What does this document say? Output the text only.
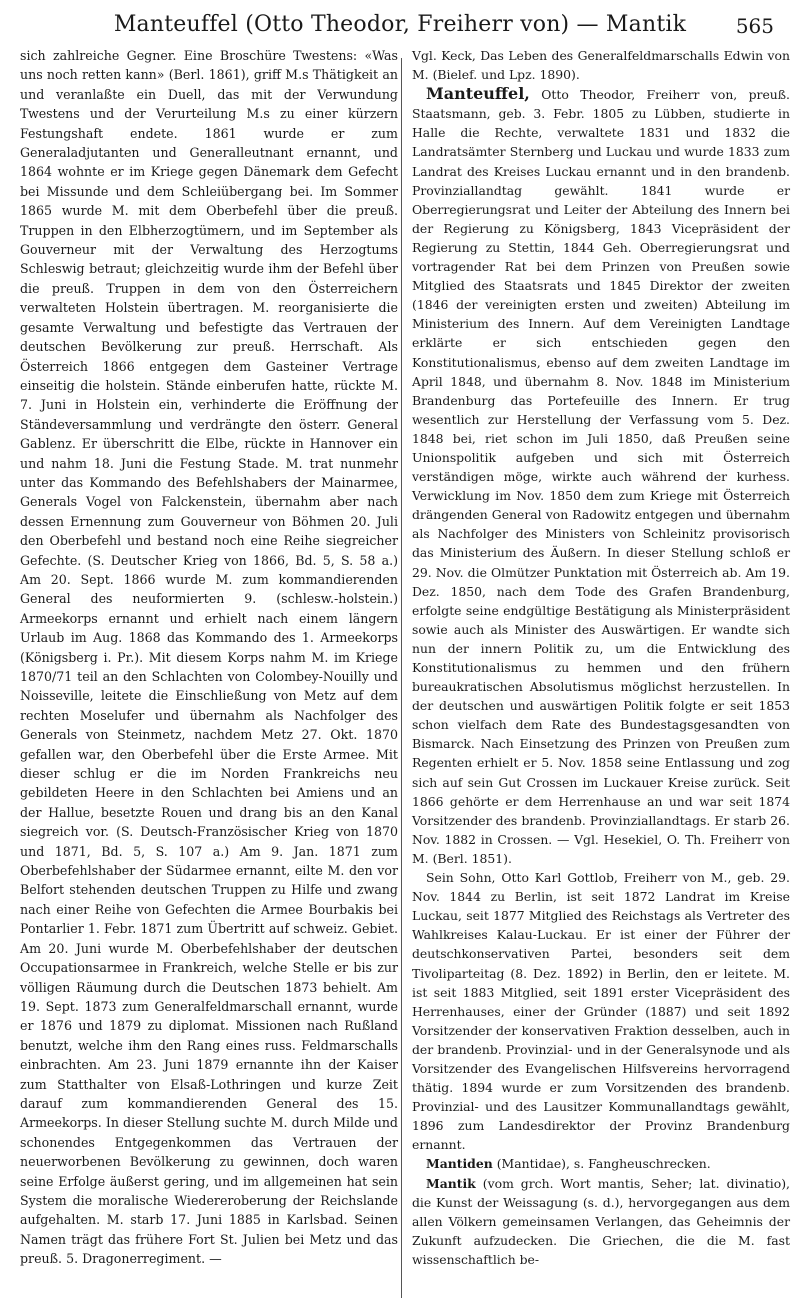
Manteuffel (Otto Theodor, Freiherr von) — Mantik	565

sich zahlreiche Gegner. Eine Broschüre Twestens: «Was uns noch retten kann» (Berl. 1861), griff M.s Thätigkeit an und veranlaßte ein Duell, das mit der Verwundung Twestens und der Verurteilung M.s zu einer kürzern Festungshaft endete. 1861 wurde er zum Generaladjutanten und Generalleutnant ernannt, und 1864 wohnte er im Kriege gegen Dänemark dem Gefecht bei Missunde und dem Schleiübergang bei. Im Sommer 1865 wurde M. mit dem Oberbefehl über die preuß. Truppen in den Elbherzogtümern, und im September als Gouverneur mit der Verwaltung des Herzogtums Schleswig betraut; gleichzeitig wurde ihm der Befehl über die preuß. Truppen in dem von den Österreichern verwalteten Holstein übertragen. M. reorganisierte die gesamte Verwaltung und befestigte das Vertrauen der deutschen Bevölkerung zur preuß. Herrschaft. Als Österreich 1866 entgegen dem Gasteiner Vertrage einseitig die holstein. Stände einberufen hatte, rückte M. 7. Juni in Holstein ein, verhinderte die Eröffnung der Ständeversammlung und verdrängte den österr. General Gablenz. Er überschritt die Elbe, rückte in Hannover ein und nahm 18. Juni die Festung Stade. M. trat nunmehr unter das Kommando des Befehlshabers der Mainarmee, Generals Vogel von Falckenstein, übernahm aber nach dessen Ernennung zum Gouverneur von Böhmen 20. Juli den Oberbefehl und bestand noch eine Reihe siegreicher Gefechte. (S. Deutscher Krieg von 1866, Bd. 5, S. 58 a.) Am 20. Sept. 1866 wurde M. zum kommandierenden General des neuformierten 9. (schlesw.-holstein.) Armeekorps ernannt und erhielt nach einem längern Urlaub im Aug. 1868 das Kommando des 1. Armeekorps (Königsberg i. Pr.). Mit diesem Korps nahm M. im Kriege 1870/71 teil an den Schlachten von Colombey-Nouilly und Noisseville, leitete die Einschließung von Metz auf dem rechten Moselufer und übernahm als Nachfolger des Generals von Steinmetz, nachdem Metz 27. Okt. 1870 gefallen war, den Oberbefehl über die Erste Armee. Mit dieser schlug er die im Norden Frankreichs neu gebildeten Heere in den Schlachten bei Amiens und an der Hallue, besetzte Rouen und drang bis an den Kanal siegreich vor. (S. Deutsch-Französischer Krieg von 1870 und 1871, Bd. 5, S. 107 a.) Am 9. Jan. 1871 zum Oberbefehlshaber der Südarmee ernannt, eilte M. den vor Belfort stehenden deutschen Truppen zu Hilfe und zwang nach einer Reihe von Gefechten die Armee Bourbakis bei Pontarlier 1. Febr. 1871 zum Übertritt auf schweiz. Gebiet. Am 20. Juni wurde M. Oberbefehlshaber der deutschen Occupationsarmee in Frankreich, welche Stelle er bis zur völligen Räumung durch die Deutschen 1873 behielt. Am 19. Sept. 1873 zum Generalfeldmarschall ernannt, wurde er 1876 und 1879 zu diplomat. Missionen nach Rußland benutzt, welche ihm den Rang eines russ. Feldmarschalls einbrachten. Am 23. Juni 1879 ernannte ihn der Kaiser zum Statthalter von Elsaß-Lothringen und kurze Zeit darauf zum kommandierenden General des 15. Armeekorps. In dieser Stellung suchte M. durch Milde und schonendes Entgegenkommen das Vertrauen der neuerworbenen Bevölkerung zu gewinnen, doch waren seine Erfolge äußerst gering, und im allgemeinen hat sein System die moralische Wiedereroberung der Reichslande aufgehalten. M. starb 17. Juni 1885 in Karlsbad. Seinen Namen trägt das frühere Fort St. Julien bei Metz und das preuß. 5. Dragonerregiment. —

Vgl. Keck, Das Leben des Generalfeldmarschalls Edwin von M. (Bielef. und Lpz. 1890).

Manteuffel, Otto Theodor, Freiherr von, preuß. Staatsmann, geb. 3. Febr. 1805 zu Lübben, studierte in Halle die Rechte, verwaltete 1831 und 1832 die Landratsämter Sternberg und Luckau und wurde 1833 zum Landrat des Kreises Luckau ernannt und in den brandenb. Provinziallandtag gewählt. 1841 wurde er Oberregierungsrat und Leiter der Abteilung des Innern bei der Regierung zu Königsberg, 1843 Vicepräsident der Regierung zu Stettin, 1844 Geh. Oberregierungsrat und vortragender Rat bei dem Prinzen von Preußen sowie Mitglied des Staatsrats und 1845 Direktor der zweiten (1846 der vereinigten ersten und zweiten) Abteilung im Ministerium des Innern. Auf dem Vereinigten Landtage erklärte er sich entschieden gegen den Konstitutionalismus, ebenso auf dem zweiten Landtage im April 1848, und übernahm 8. Nov. 1848 im Ministerium Brandenburg das Portefeuille des Innern. Er trug wesentlich zur Herstellung der Verfassung vom 5. Dez. 1848 bei, riet schon im Juli 1850, daß Preußen seine Unionspolitik aufgeben und sich mit Österreich verständigen möge, wirkte auch während der kurhess. Verwicklung im Nov. 1850 dem zum Kriege mit Österreich drängenden General von Radowitz entgegen und übernahm als Nachfolger des Ministers von Schleinitz provisorisch das Ministerium des Äußern. In dieser Stellung schloß er 29. Nov. die Olmützer Punktation mit Österreich ab. Am 19. Dez. 1850, nach dem Tode des Grafen Brandenburg, erfolgte seine endgültige Bestätigung als Ministerpräsident sowie auch als Minister des Auswärtigen. Er wandte sich nun der innern Politik zu, um die Entwicklung des Konstitutionalismus zu hemmen und den frühern bureaukratischen Absolutismus möglichst herzustellen. In der deutschen und auswärtigen Politik folgte er seit 1853 schon vielfach dem Rate des Bundestagsgesandten von Bismarck. Nach Einsetzung des Prinzen von Preußen zum Regenten erhielt er 5. Nov. 1858 seine Entlassung und zog sich auf sein Gut Crossen im Luckauer Kreise zurück. Seit 1866 gehörte er dem Herrenhause an und war seit 1874 Vorsitzender des brandenb. Provinziallandtags. Er starb 26. Nov. 1882 in Crossen. — Vgl. Hesekiel, O. Th. Freiherr von M. (Berl. 1851).

Sein Sohn, Otto Karl Gottlob, Freiherr von M., geb. 29. Nov. 1844 zu Berlin, ist seit 1872 Landrat im Kreise Luckau, seit 1877 Mitglied des Reichstags als Vertreter des Wahlkreises Kalau-Luckau. Er ist einer der Führer der deutschkonservativen Partei, besonders seit dem Tivoliparteitag (8. Dez. 1892) in Berlin, den er leitete. M. ist seit 1883 Mitglied, seit 1891 erster Vicepräsident des Herrenhauses, einer der Gründer (1887) und seit 1892 Vorsitzender der konservativen Fraktion desselben, auch in der brandenb. Provinzial- und in der Generalsynode und als Vorsitzender des Evangelischen Hilfsvereins hervorragend thätig. 1894 wurde er zum Vorsitzenden des brandenb. Provinzial- und des Lausitzer Kommunallandtags gewählt, 1896 zum Landesdirektor der Provinz Brandenburg ernannt.

Mantiden (Mantidae), s. Fangheuschrecken.

Mantik (vom grch. Wort mantis, Seher; lat. divinatio), die Kunst der Weissagung (s. d.), hervorgegangen aus dem allen Völkern gemeinsamen Verlangen, das Geheimnis der Zukunft aufzudecken. Die Griechen, die die M. fast wissenschaftlich be-
